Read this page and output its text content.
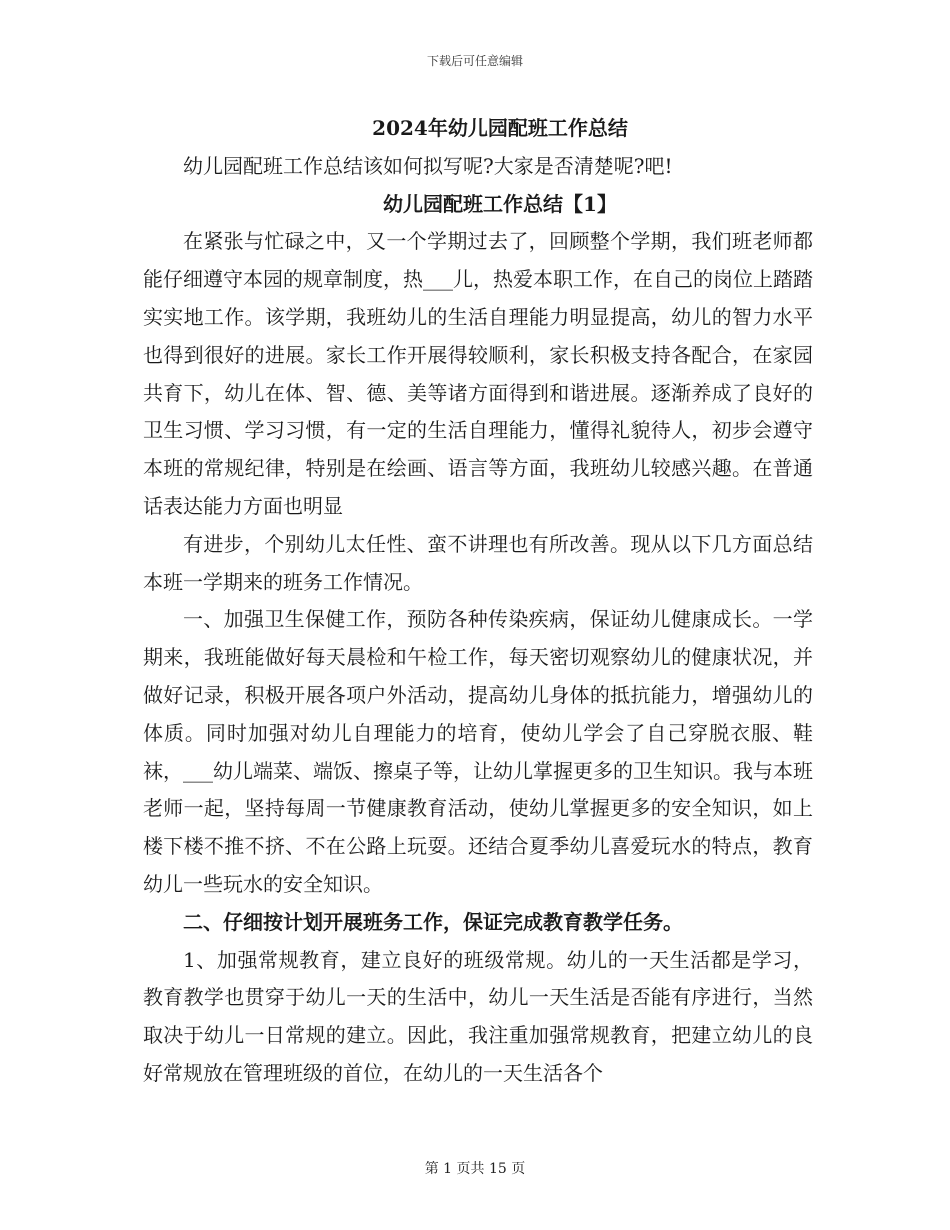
下载后可任意编辑

2024年幼儿园配班工作总结

幼儿园配班工作总结该如何拟写呢?大家是否清楚呢?吧!

幼儿园配班工作总结【1】

在紧张与忙碌之中，又一个学期过去了，回顾整个学期，我们班老师都能仔细遵守本园的规章制度，热___儿，热爱本职工作，在自己的岗位上踏踏实实地工作。该学期，我班幼儿的生活自理能力明显提高，幼儿的智力水平也得到很好的进展。家长工作开展得较顺利，家长积极支持各配合，在家园共育下，幼儿在体、智、德、美等诸方面得到和谐进展。逐渐养成了良好的卫生习惯、学习习惯，有一定的生活自理能力，懂得礼貌待人，初步会遵守本班的常规纪律，特别是在绘画、语言等方面，我班幼儿较感兴趣。在普通话表达能力方面也明显

有进步，个别幼儿太任性、蛮不讲理也有所改善。现从以下几方面总结本班一学期来的班务工作情况。

一、加强卫生保健工作，预防各种传染疾病，保证幼儿健康成长。一学期来，我班能做好每天晨检和午检工作，每天密切观察幼儿的健康状况，并做好记录，积极开展各项户外活动，提高幼儿身体的抵抗能力，增强幼儿的体质。同时加强对幼儿自理能力的培育，使幼儿学会了自己穿脱衣服、鞋袜，___幼儿端菜、端饭、擦桌子等，让幼儿掌握更多的卫生知识。我与本班老师一起，坚持每周一节健康教育活动，使幼儿掌握更多的安全知识，如上楼下楼不推不挤、不在公路上玩耍。还结合夏季幼儿喜爱玩水的特点，教育幼儿一些玩水的安全知识。

二、仔细按计划开展班务工作，保证完成教育教学任务。

1、加强常规教育，建立良好的班级常规。幼儿的一天生活都是学习，教育教学也贯穿于幼儿一天的生活中，幼儿一天生活是否能有序进行，当然取决于幼儿一日常规的建立。因此，我注重加强常规教育，把建立幼儿的良好常规放在管理班级的首位，在幼儿的一天生活各个

第 1 页共 15 页
